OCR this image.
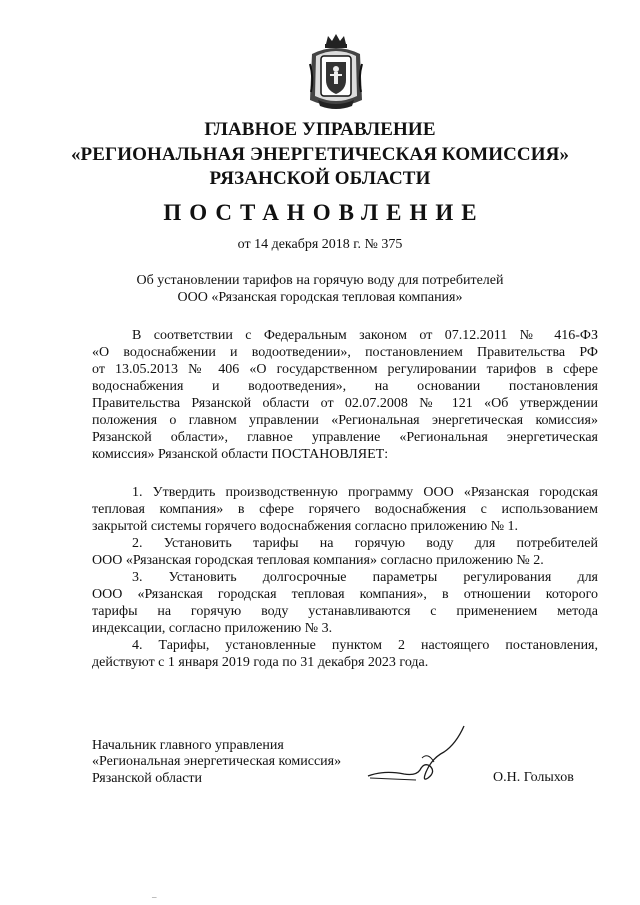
ГЛАВНОЕ УПРАВЛЕНИЕ
«РЕГИОНАЛЬНАЯ ЭНЕРГЕТИЧЕСКАЯ КОМИССИЯ»
РЯЗАНСКОЙ ОБЛАСТИ
ПОСТАНОВЛЕНИЕ
от 14 декабря 2018 г. № 375
Об установлении тарифов на горячую воду для потребителей
ООО «Рязанская городская тепловая компания»
В соответствии с Федеральным законом от 07.12.2011 № 416-ФЗ
«О водоснабжении и водоотведении», постановлением Правительства РФ
от 13.05.2013 № 406 «О государственном регулировании тарифов в сфере
водоснабжения и водоотведения», на основании постановления
Правительства Рязанской области от 02.07.2008 № 121 «Об утверждении
положения о главном управлении «Региональная энергетическая комиссия»
Рязанской области», главное управление «Региональная энергетическая
комиссия» Рязанской области ПОСТАНОВЛЯЕТ:
1. Утвердить производственную программу ООО «Рязанская городская
тепловая компания» в сфере горячего водоснабжения с использованием
закрытой системы горячего водоснабжения согласно приложению № 1.
2. Установить тарифы на горячую воду для потребителей
ООО «Рязанская городская тепловая компания» согласно приложению № 2.
3. Установить долгосрочные параметры регулирования для
ООО «Рязанская городская тепловая компания», в отношении которого
тарифы на горячую воду устанавливаются с применением метода
индексации, согласно приложению № 3.
4. Тарифы, установленные пунктом 2 настоящего постановления,
действуют с 1 января 2019 года по 31 декабря 2023 года.
Начальник главного управления
«Региональная энергетическая комиссия»
Рязанской области	О.Н. Голыхов
–
